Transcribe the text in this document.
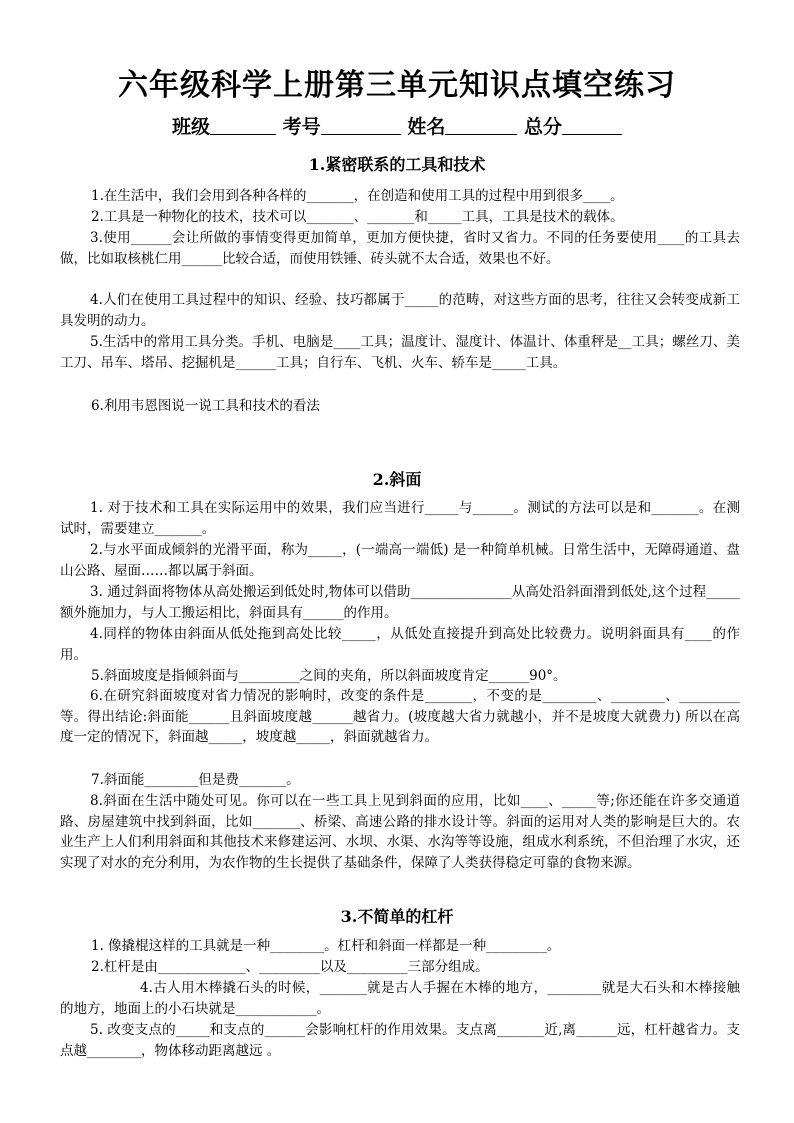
六年级科学上册第三单元知识点填空练习
班级	考号	姓名	总分
1.紧密联系的工具和技术
1.在生活中，我们会用到各种各样的_______，在创造和使用工具的过程中用到很多____。
2.工具是一种物化的技术，技术可以_______、_______和_____工具，工具是技术的载体。
3.使用______会让所做的事情变得更加简单，更加方便快捷，省时又省力。不同的任务要使用____的工具去做，比如取核桃仁用______比较合适，而使用铁锤、砖头就不太合适，效果也不好。
4.人们在使用工具过程中的知识、经验、技巧都属于_____的范畴，对这些方面的思考，往往又会转变成新工具发明的动力。
5.生活中的常用工具分类。手机、电脑是____工具；温度计、湿度计、体温计、体重秤是__工具；螺丝刀、美工刀、吊车、塔吊、挖掘机是______工具；自行车、飞机、火车、轿车是_____工具。
6.利用韦恩图说一说工具和技术的看法
2.斜面
1. 对于技术和工具在实际运用中的效果，我们应当进行_____与______。测试的方法可以是和_______。在测试时，需要建立_______。
2.与水平面成倾斜的光滑平面，称为_____，(一端高一端低) 是一种简单机械。日常生活中，无障碍通道、盘山公路、屋面……都以属于斜面。
3. 通过斜面将物体从高处搬运到低处时,物体可以借助_______________从高处沿斜面滑到低处,这个过程_____额外施加力，与人工搬运相比，斜面具有______的作用。
4.同样的物体由斜面从低处拖到高处比较_____，从低处直接提升到高处比较费力。说明斜面具有____的作用。
5.斜面坡度是指倾斜面与_________之间的夹角，所以斜面坡度肯定______90°。
6.在研究斜面坡度对省力情况的影响时，改变的条件是_______，不变的是________、________、_________等。得出结论:斜面能______且斜面坡度越______越省力。(坡度越大省力就越小，并不是坡度大就费力) 所以在高度一定的情况下，斜面越_____，坡度越_____，斜面就越省力。
7.斜面能________但是费_______。
8.斜面在生活中随处可见。你可以在一些工具上见到斜面的应用，比如____、_____等;你还能在许多交通道路、房屋建筑中找到斜面，比如_______、桥梁、高速公路的排水设计等。斜面的运用对人类的影响是巨大的。农业生产上人们利用斜面和其他技术来修建运河、水坝、水渠、水沟等等设施，组成水利系统，不但治理了水灾，还实现了对水的充分利用，为农作物的生长提供了基础条件，保障了人类获得稳定可靠的食物来源。
3.不简单的杠杆
1. 像撬棍这样的工具就是一种________。杠杆和斜面一样都是一种_________。
2.杠杆是由_____________、_________以及_________三部分组成。
4.古人用木棒撬石头的时候，_______就是古人手握在木棒的地方，________就是大石头和木棒接触的地方，地面上的小石块就是____________。
5. 改变支点的_____和支点的______会影响杠杆的作用效果。支点离_______近,离______远，杠杆越省力。支点越________，物体移动距离越远 。
